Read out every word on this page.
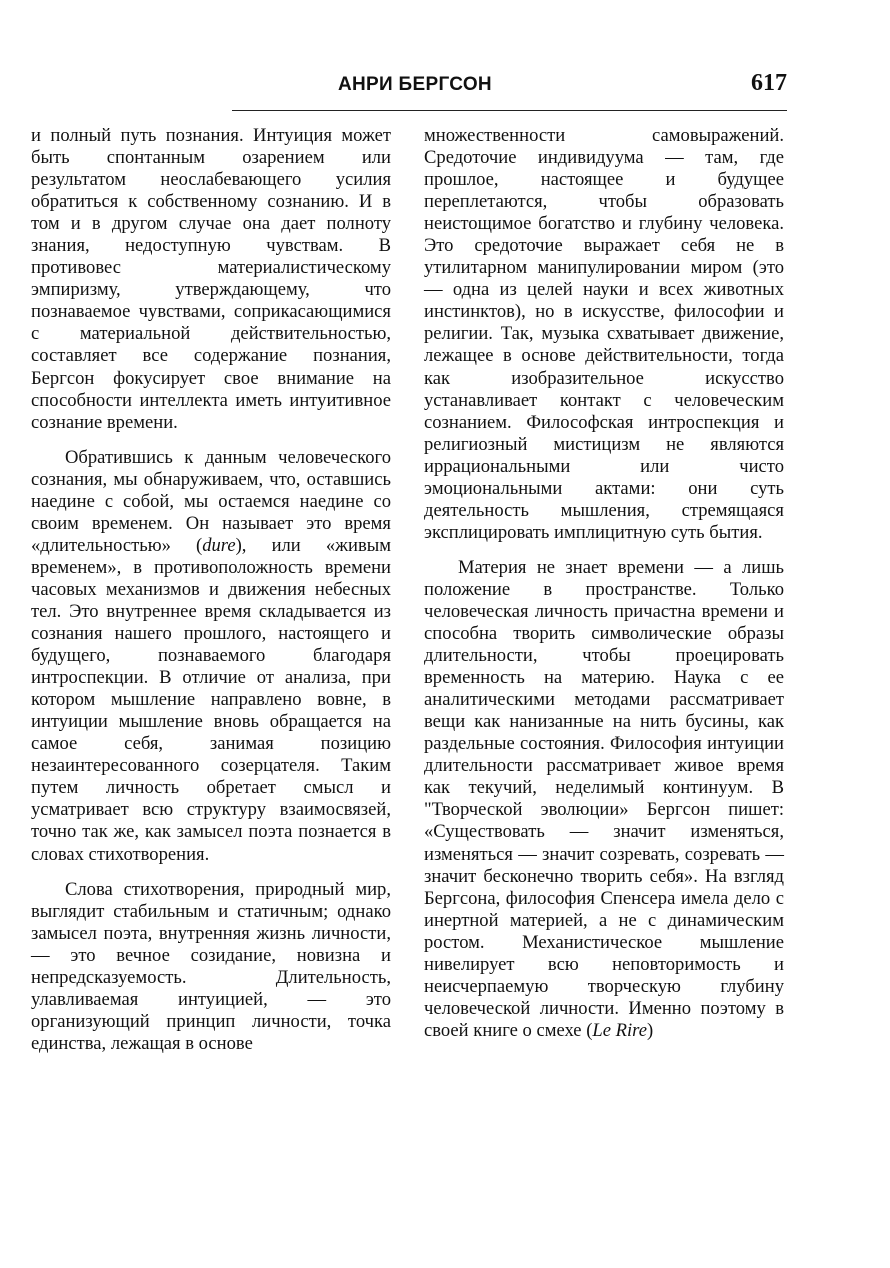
АНРИ БЕРГСОН	617

и полный путь познания. Интуиция может быть спонтанным озарением или результатом неослабевающего усилия обратиться к собственному сознанию. И в том и в другом случае она дает полноту знания, недоступную чувствам. В противовес материалистическому эмпиризму, утверждающему, что познаваемое чувствами, соприкасающимися с материальной действительностью, составляет все содержание познания, Бергсон фокусирует свое внимание на способности интеллекта иметь интуитивное сознание времени.

Обратившись к данным человеческого сознания, мы обнаруживаем, что, оставшись наедине с собой, мы остаемся наедине со своим временем. Он называет это время «длительностью» (dure), или «живым временем», в противоположность времени часовых механизмов и движения небесных тел. Это внутреннее время складывается из сознания нашего прошлого, настоящего и будущего, познаваемого благодаря интроспекции. В отличие от анализа, при котором мышление направлено вовне, в интуиции мышление вновь обращается на самое себя, занимая позицию незаинтересованного созерцателя. Таким путем личность обретает смысл и усматривает всю структуру взаимосвязей, точно так же, как замысел поэта познается в словах стихотворения.

Слова стихотворения, природный мир, выглядит стабильным и статичным; однако замысел поэта, внутренняя жизнь личности, — это вечное созидание, новизна и непредсказуемость. Длительность, улавливаемая интуицией, — это организующий принцип личности, точка единства, лежащая в основе

множественности самовыражений. Средоточие индивидуума — там, где прошлое, настоящее и будущее переплетаются, чтобы образовать неистощимое богатство и глубину человека. Это средоточие выражает себя не в утилитарном манипулировании миром (это — одна из целей науки и всех животных инстинктов), но в искусстве, философии и религии. Так, музыка схватывает движение, лежащее в основе действительности, тогда как изобразительное искусство устанавливает контакт с человеческим сознанием. Философская интроспекция и религиозный мистицизм не являются иррациональными или чисто эмоциональными актами: они суть деятельность мышления, стремящаяся эксплицировать имплицитную суть бытия.

Материя не знает времени — а лишь положение в пространстве. Только человеческая личность причастна времени и способна творить символические образы длительности, чтобы проецировать временность на материю. Наука с ее аналитическими методами рассматривает вещи как нанизанные на нить бусины, как раздельные состояния. Философия интуиции длительности рассматривает живое время как текучий, неделимый континуум. В "Творческой эволюции» Бергсон пишет: «Существовать — значит изменяться, изменяться — значит созревать, созревать — значит бесконечно творить себя». На взгляд Бергсона, философия Спенсера имела дело с инертной материей, а не с динамическим ростом. Механистическое мышление нивелирует всю неповторимость и неисчерпаемую творческую глубину человеческой личности. Именно поэтому в своей книге о смехе (Le Rire)
